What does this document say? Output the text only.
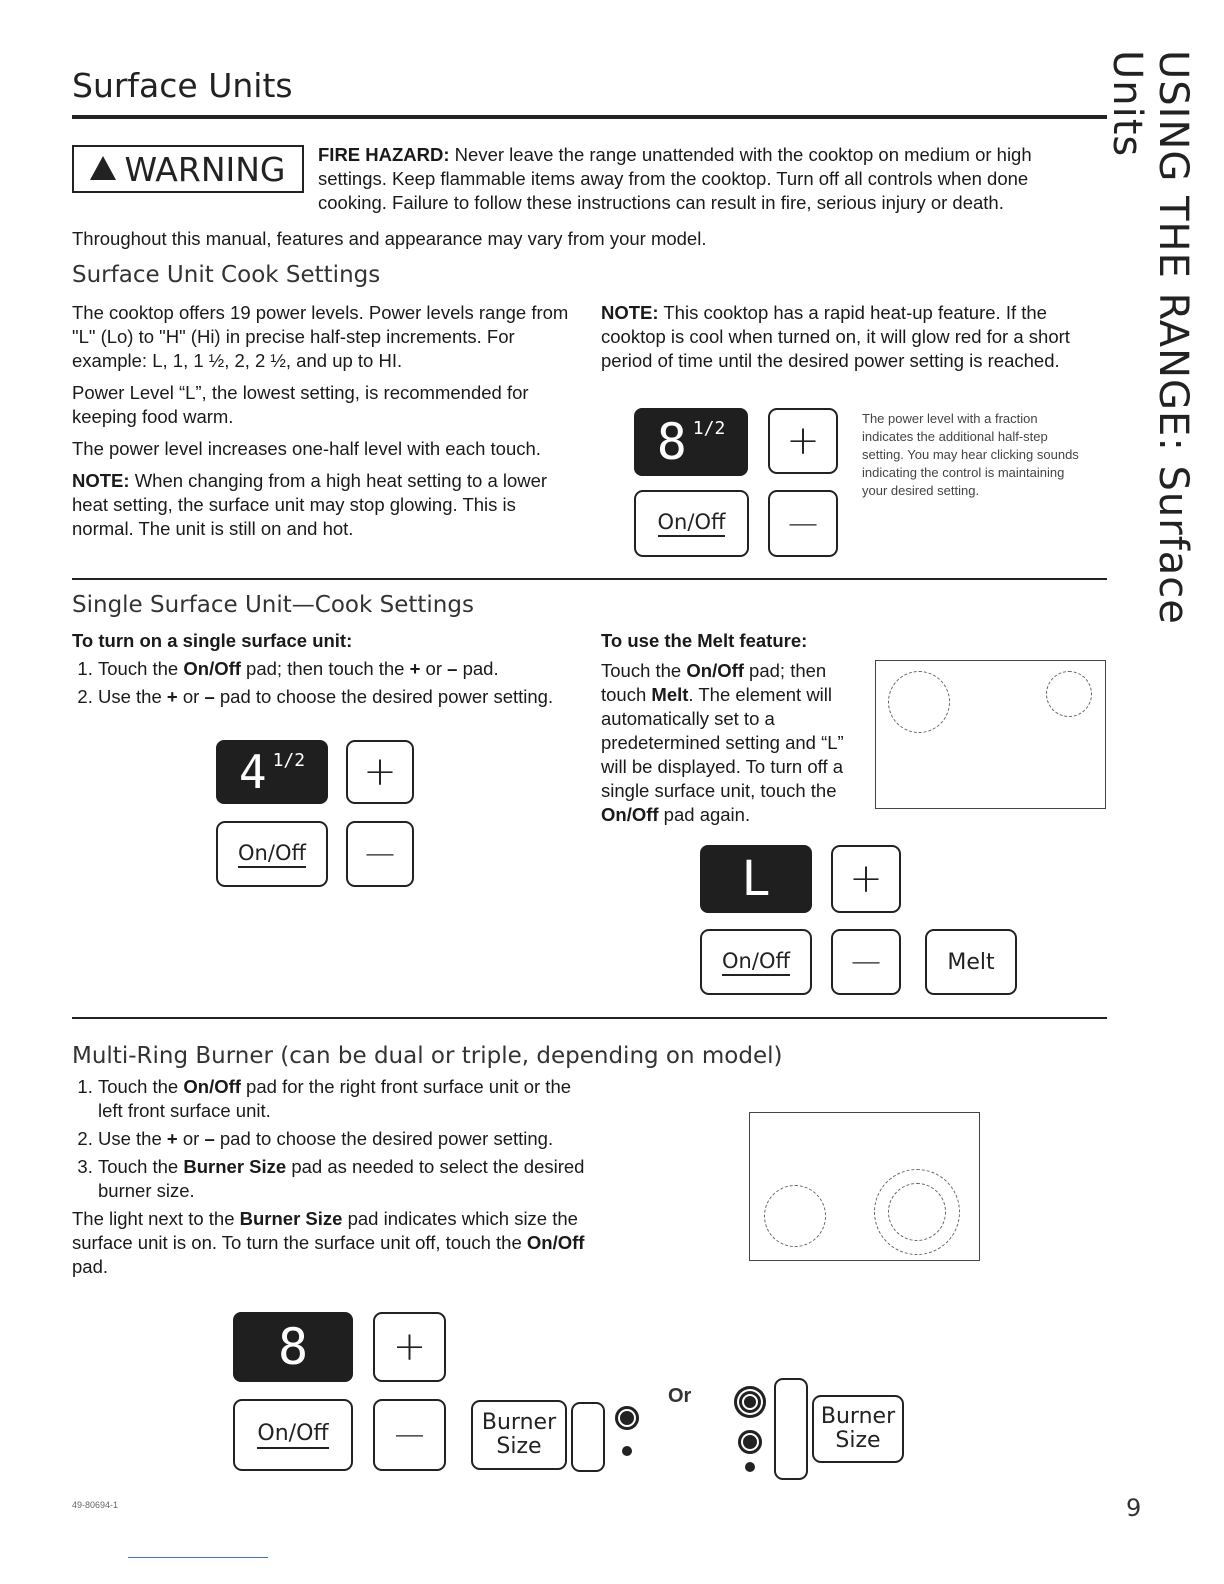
Surface Units
WARNING FIRE HAZARD: Never leave the range unattended with the cooktop on medium or high settings. Keep flammable items away from the cooktop. Turn off all controls when done cooking. Failure to follow these instructions can result in fire, serious injury or death.
Throughout this manual, features and appearance may vary from your model.
Surface Unit Cook Settings
The cooktop offers 19 power levels. Power levels range from "L" (Lo) to "H" (Hi) in precise half-step increments. For example: L, 1, 1 ½, 2, 2 ½, and up to HI.
Power Level “L”, the lowest setting, is recommended for keeping food warm.
The power level increases one-half level with each touch.
NOTE: When changing from a high heat setting to a lower heat setting, the surface unit may stop glowing. This is normal. The unit is still on and hot.
NOTE: This cooktop has a rapid heat-up feature. If the cooktop is cool when turned on, it will glow red for a short period of time until the desired power setting is reached.
8 1/2 +
On/Off —
The power level with a fraction indicates the additional half-step setting. You may hear clicking sounds indicating the control is maintaining your desired setting.
Single Surface Unit—Cook Settings
To turn on a single surface unit:
1. Touch the On/Off pad; then touch the + or – pad.
2. Use the + or – pad to choose the desired power setting.
4 1/2 +
On/Off —
To use the Melt feature:
Touch the On/Off pad; then touch Melt. The element will automatically set to a predetermined setting and “L” will be displayed. To turn off a single surface unit, touch the On/Off pad again.
L +
On/Off —	Melt
Multi-Ring Burner (can be dual or triple, depending on model)
1. Touch the On/Off pad for the right front surface unit or the left front surface unit.
2. Use the + or – pad to choose the desired power setting.
3. Touch the Burner Size pad as needed to select the desired burner size.
The light next to the Burner Size pad indicates which size the surface unit is on. To turn the surface unit off, touch the On/Off pad.
8 +
On/Off —	Burner
Size
Or
Burner
Size
USING THE RANGE: Surface Units
49-80694-1	9
